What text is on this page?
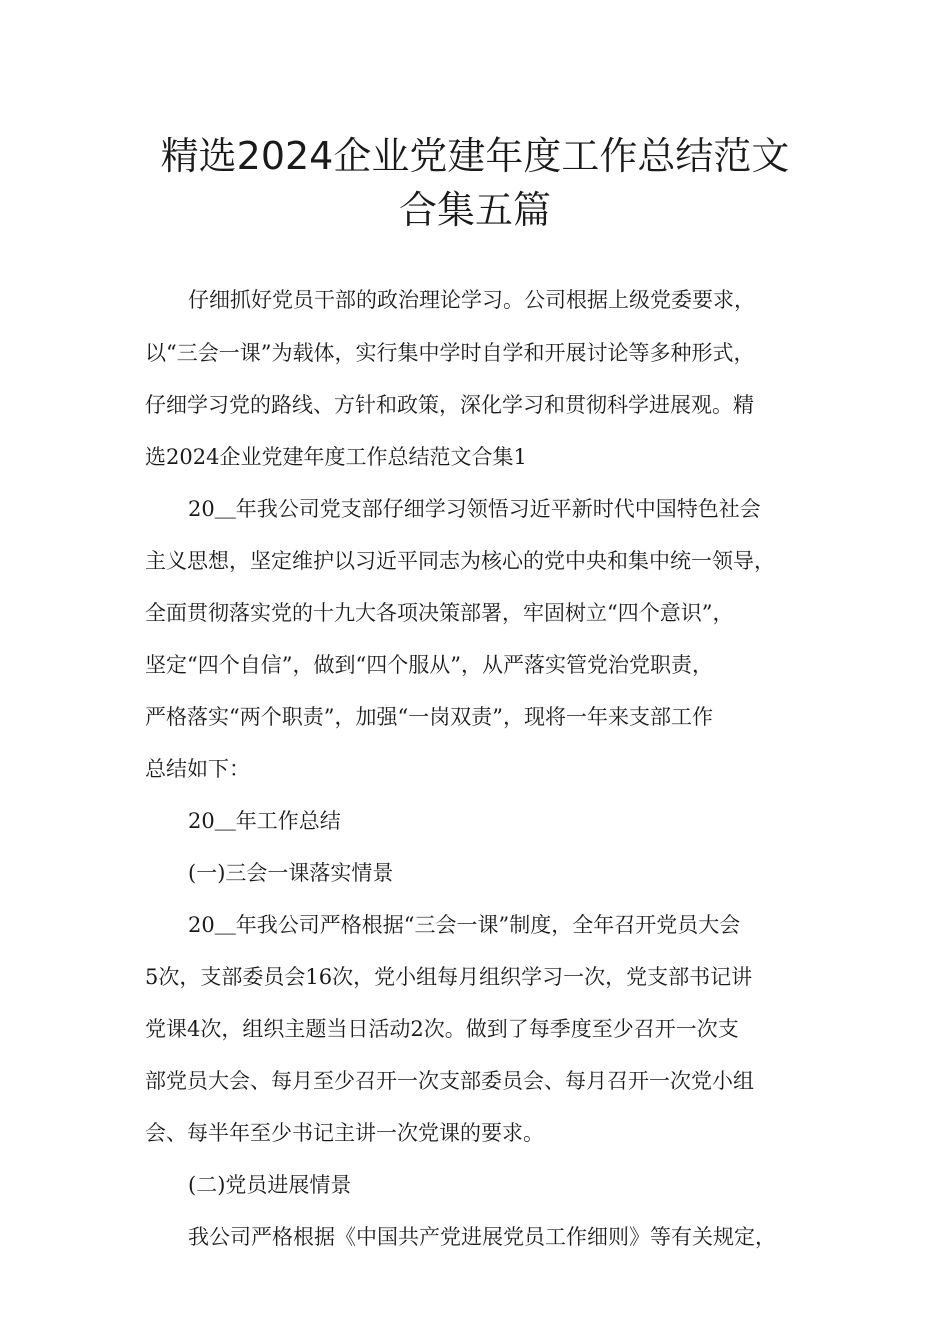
精选2024企业党建年度工作总结范文
合集五篇

仔细抓好党员干部的政治理论学习。公司根据上级党委要求，

以“三会一课”为载体，实行集中学时自学和开展讨论等多种形式，

仔细学习党的路线、方针和政策，深化学习和贯彻科学进展观。精

选2024企业党建年度工作总结范文合集1

20＿年我公司党支部仔细学习领悟习近平新时代中国特色社会

主义思想，坚定维护以习近平同志为核心的党中央和集中统一领导，

全面贯彻落实党的十九大各项决策部署，牢固树立“四个意识”，

坚定“四个自信”，做到“四个服从”，从严落实管党治党职责，

严格落实“两个职责”，加强“一岗双责”，现将一年来支部工作

总结如下：

20＿年工作总结

(一)三会一课落实情景

20＿年我公司严格根据“三会一课”制度，全年召开党员大会

5次，支部委员会16次，党小组每月组织学习一次，党支部书记讲

党课4次，组织主题当日活动2次。做到了每季度至少召开一次支

部党员大会、每月至少召开一次支部委员会、每月召开一次党小组

会、每半年至少书记主讲一次党课的要求。

(二)党员进展情景

我公司严格根据《中国共产党进展党员工作细则》等有关规定，
